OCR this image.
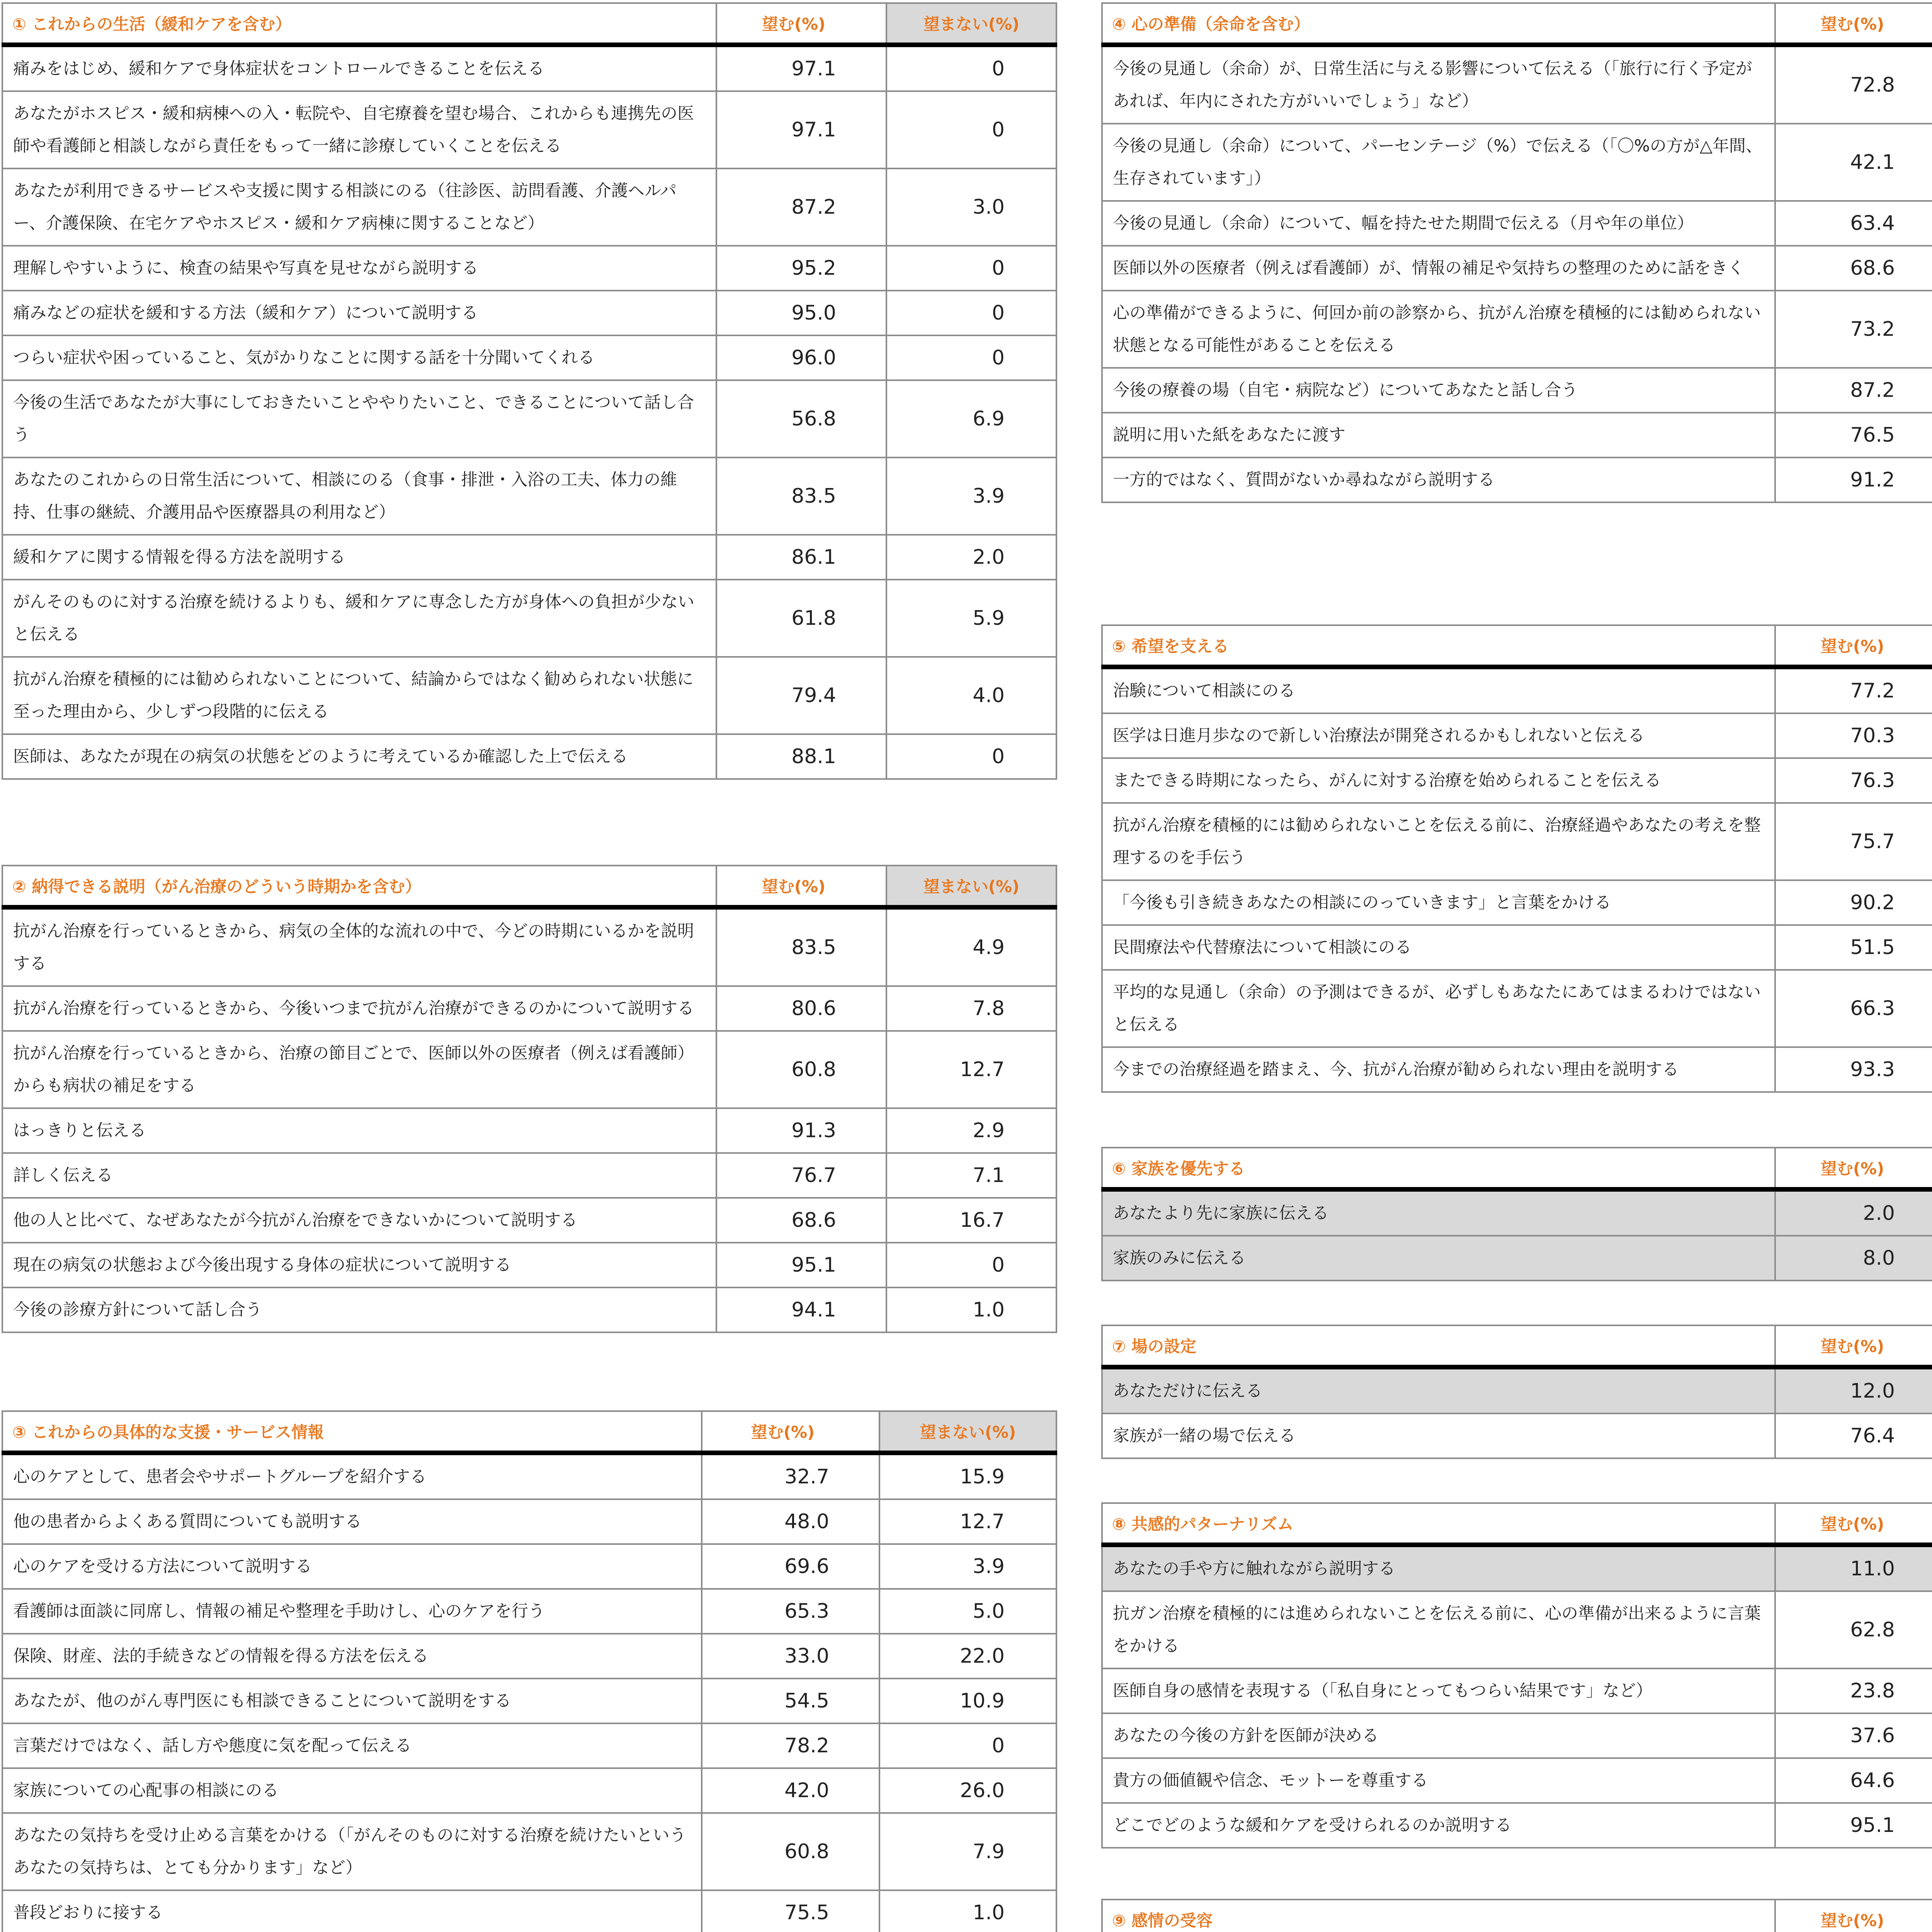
① これからの生活（緩和ケアを含む）	望む(%)	望まない(%)
痛みをはじめ、緩和ケアで身体症状をコントロールできることを伝える	97.1	0
あなたがホスピス・緩和病棟への入・転院や、自宅療養を望む場合、これからも連携先の医師や看護師と相談しながら責任をもって一緒に診療していくことを伝える	97.1	0
あなたが利用できるサービスや支援に関する相談にのる（往診医、訪問看護、介護ヘルパー、介護保険、在宅ケアやホスピス・緩和ケア病棟に関することなど）	87.2	3.0
理解しやすいように、検査の結果や写真を見せながら説明する	95.2	0
痛みなどの症状を緩和する方法（緩和ケア）について説明する	95.0	0
つらい症状や困っていること、気がかりなことに関する話を十分聞いてくれる	96.0	0
今後の生活であなたが大事にしておきたいことややりたいこと、できることについて話し合う	56.8	6.9
あなたのこれからの日常生活について、相談にのる（食事・排泄・入浴の工夫、体力の維持、仕事の継続、介護用品や医療器具の利用など）	83.5	3.9
緩和ケアに関する情報を得る方法を説明する	86.1	2.0
がんそのものに対する治療を続けるよりも、緩和ケアに専念した方が身体への負担が少ないと伝える	61.8	5.9
抗がん治療を積極的には勧められないことについて、結論からではなく勧められない状態に至った理由から、少しずつ段階的に伝える	79.4	4.0
医師は、あなたが現在の病気の状態をどのように考えているか確認した上で伝える	88.1	0
② 納得できる説明（がん治療のどういう時期かを含む）	望む(%)	望まない(%)
抗がん治療を行っているときから、病気の全体的な流れの中で、今どの時期にいるかを説明する	83.5	4.9
抗がん治療を行っているときから、今後いつまで抗がん治療ができるのかについて説明する	80.6	7.8
抗がん治療を行っているときから、治療の節目ごとで、医師以外の医療者（例えば看護師）からも病状の補足をする	60.8	12.7
はっきりと伝える	91.3	2.9
詳しく伝える	76.7	7.1
他の人と比べて、なぜあなたが今抗がん治療をできないかについて説明する	68.6	16.7
現在の病気の状態および今後出現する身体の症状について説明する	95.1	0
今後の診療方針について話し合う	94.1	1.0
③ これからの具体的な支援・サービス情報	望む(%)	望まない(%)
心のケアとして、患者会やサポートグループを紹介する	32.7	15.9
他の患者からよくある質問についても説明する	48.0	12.7
心のケアを受ける方法について説明する	69.6	3.9
看護師は面談に同席し、情報の補足や整理を手助けし、心のケアを行う	65.3	5.0
保険、財産、法的手続きなどの情報を得る方法を伝える	33.0	22.0
あなたが、他のがん専門医にも相談できることについて説明をする	54.5	10.9
言葉だけではなく、話し方や態度に気を配って伝える	78.2	0
家族についての心配事の相談にのる	42.0	26.0
あなたの気持ちを受け止める言葉をかける（「がんそのものに対する治療を続けたいというあなたの気持ちは、とても分かります」など）	60.8	7.9
普段どおりに接する	75.5	1.0
④ 心の準備（余命を含む）	望む(%)	
今後の見通し（余命）が、日常生活に与える影響について伝える（「旅行に行く予定があれば、年内にされた方がいいでしょう」など）	72.8	
今後の見通し（余命）について、パーセンテージ（%）で伝える（「〇%の方が△年間、生存されています」）	42.1	
今後の見通し（余命）について、幅を持たせた期間で伝える（月や年の単位）	63.4	
医師以外の医療者（例えば看護師）が、情報の補足や気持ちの整理のために話をきく	68.6	
心の準備ができるように、何回か前の診察から、抗がん治療を積極的には勧められない状態となる可能性があることを伝える	73.2	
今後の療養の場（自宅・病院など）についてあなたと話し合う	87.2	
説明に用いた紙をあなたに渡す	76.5	
一方的ではなく、質問がないか尋ねながら説明する	91.2	
⑤ 希望を支える	望む(%)	
治験について相談にのる	77.2	
医学は日進月歩なので新しい治療法が開発されるかもしれないと伝える	70.3	
またできる時期になったら、がんに対する治療を始められることを伝える	76.3	
抗がん治療を積極的には勧められないことを伝える前に、治療経過やあなたの考えを整理するのを手伝う	75.7	
「今後も引き続きあなたの相談にのっていきます」と言葉をかける	90.2	
民間療法や代替療法について相談にのる	51.5	
平均的な見通し（余命）の予測はできるが、必ずしもあなたにあてはまるわけではないと伝える	66.3	
今までの治療経過を踏まえ、今、抗がん治療が勧められない理由を説明する	93.3	
⑥ 家族を優先する	望む(%)	
あなたより先に家族に伝える	2.0	
家族のみに伝える	8.0	
⑦ 場の設定	望む(%)	
あなただけに伝える	12.0	
家族が一緒の場で伝える	76.4	
⑧ 共感的パターナリズム	望む(%)	
あなたの手や方に触れながら説明する	11.0	
抗ガン治療を積極的には進められないことを伝える前に、心の準備が出来るように言葉をかける	62.8	
医師自身の感情を表現する（「私自身にとってもつらい結果です」など）	23.8	
あなたの今後の方針を医師が決める	37.6	
貴方の価値観や信念、モットーを尊重する	64.6	
どこでどのような緩和ケアを受けられるのか説明する	95.1	
⑨ 感情の受容	望む(%)	
